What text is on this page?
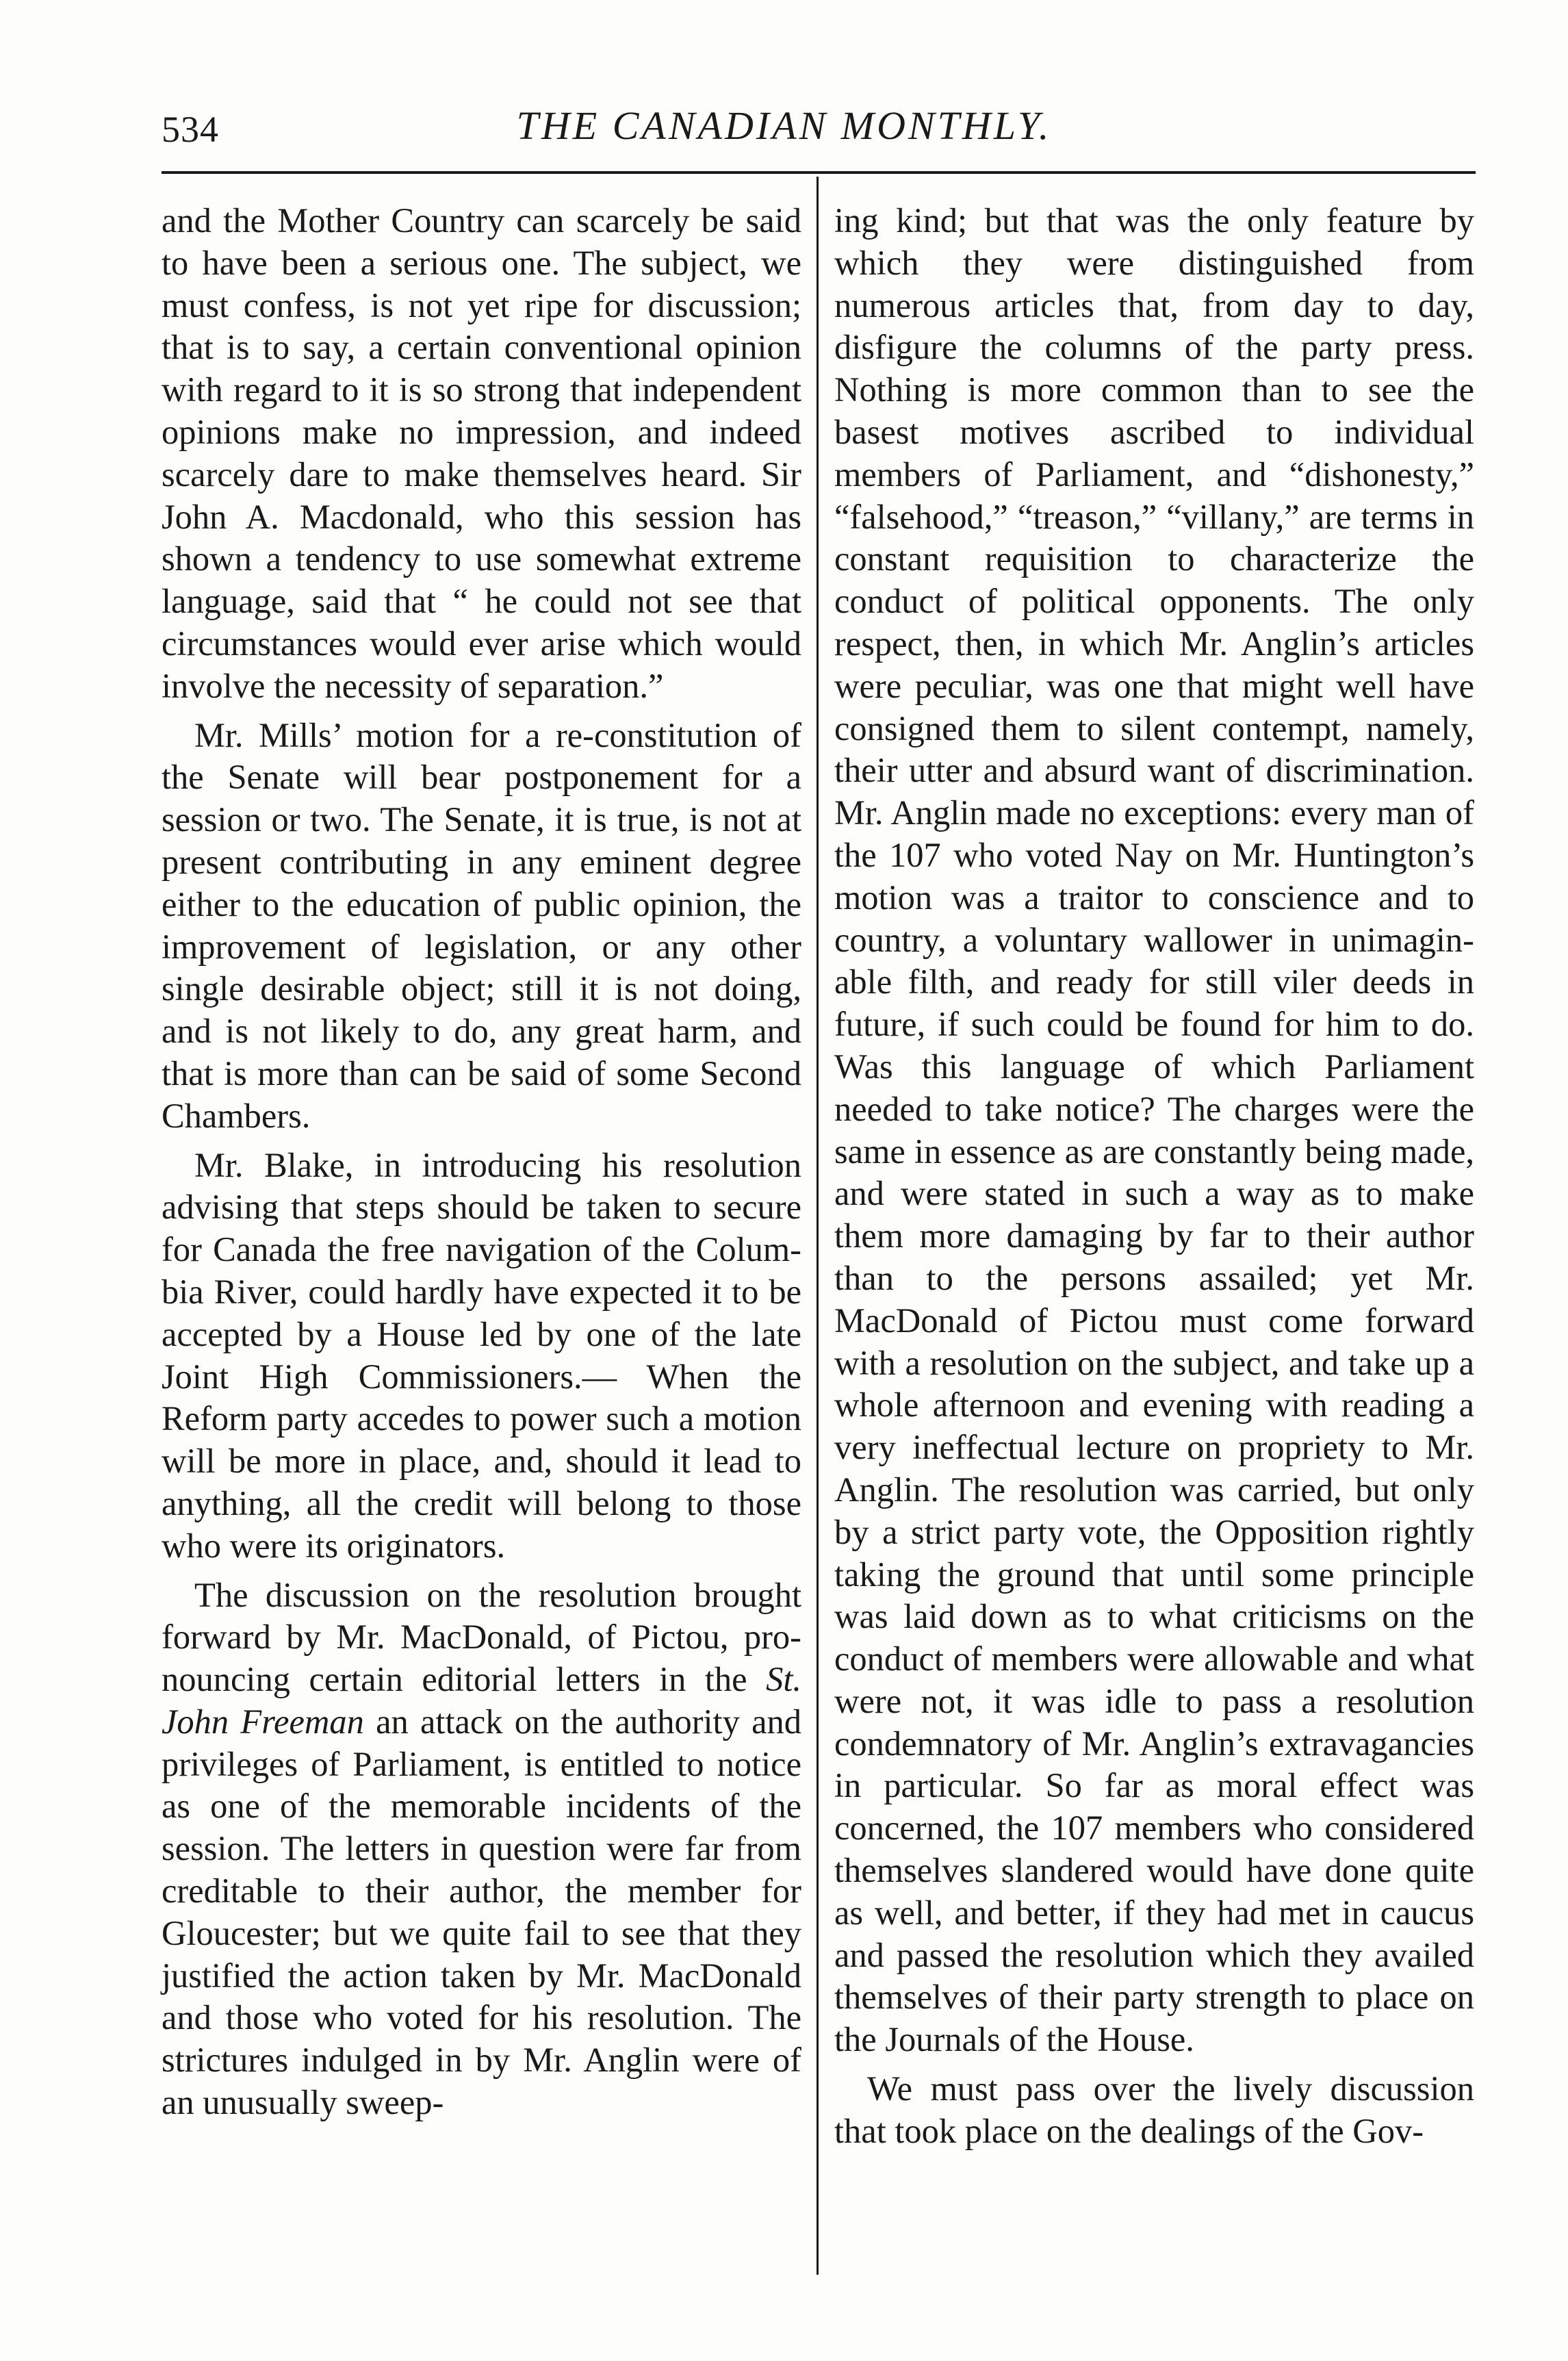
534	THE CANADIAN MONTHLY.

and the Mother Country can scarcely be said to have been a serious one. The subject, we must confess, is not yet ripe for discussion; that is to say, a certain conventional opinion with regard to it is so strong that independent opinions make no impression, and indeed scarcely dare to make themselves heard. Sir John A. Macdonald, who this session has shown a tendency to use somewhat extreme language, said that “ he could not see that circumstances would ever arise which would involve the necessity of separation.”

Mr. Mills’ motion for a re-constitution of the Senate will bear postponement for a session or two. The Senate, it is true, is not at present contributing in any eminent degree either to the education of public opinion, the improvement of legislation, or any other single desirable object; still it is not doing, and is not likely to do, any great harm, and that is more than can be said of some Second Chambers.

Mr. Blake, in introducing his resolution advising that steps should be taken to secure for Canada the free navigation of the Columbia River, could hardly have expected it to be accepted by a House led by one of the late Joint High Commissioners.— When the Reform party accedes to power such a motion will be more in place, and, should it lead to anything, all the credit will belong to those who were its originators.

The discussion on the resolution brought forward by Mr. MacDonald, of Pictou, pronouncing certain editorial letters in the St. John Freeman an attack on the authority and privileges of Parliament, is entitled to notice as one of the memorable incidents of the session. The letters in question were far from creditable to their author, the member for Gloucester; but we quite fail to see that they justified the action taken by Mr. MacDonald and those who voted for his resolution. The strictures indulged in by Mr. Anglin were of an unusually sweep-

ing kind; but that was the only feature by which they were distinguished from numerous articles that, from day to day, disfigure the columns of the party press. Nothing is more common than to see the basest motives ascribed to individual members of Parliament, and “dishonesty,” “falsehood,” “treason,” “villany,” are terms in constant requisition to characterize the conduct of political opponents. The only respect, then, in which Mr. Anglin’s articles were peculiar, was one that might well have consigned them to silent contempt, namely, their utter and absurd want of discrimination. Mr. Anglin made no exceptions: every man of the 107 who voted Nay on Mr. Huntington’s motion was a traitor to conscience and to country, a voluntary wallower in unimaginable filth, and ready for still viler deeds in future, if such could be found for him to do. Was this language of which Parliament needed to take notice? The charges were the same in essence as are constantly being made, and were stated in such a way as to make them more damaging by far to their author than to the persons assailed; yet Mr. MacDonald of Pictou must come forward with a resolution on the subject, and take up a whole afternoon and evening with reading a very ineffectual lecture on propriety to Mr. Anglin. The resolution was carried, but only by a strict party vote, the Opposition rightly taking the ground that until some principle was laid down as to what criticisms on the conduct of members were allowable and what were not, it was idle to pass a resolution condemnatory of Mr. Anglin’s extravagancies in particular. So far as moral effect was concerned, the 107 members who considered themselves slandered would have done quite as well, and better, if they had met in caucus and passed the resolution which they availed themselves of their party strength to place on the Journals of the House.

We must pass over the lively discussion that took place on the dealings of the Gov-
